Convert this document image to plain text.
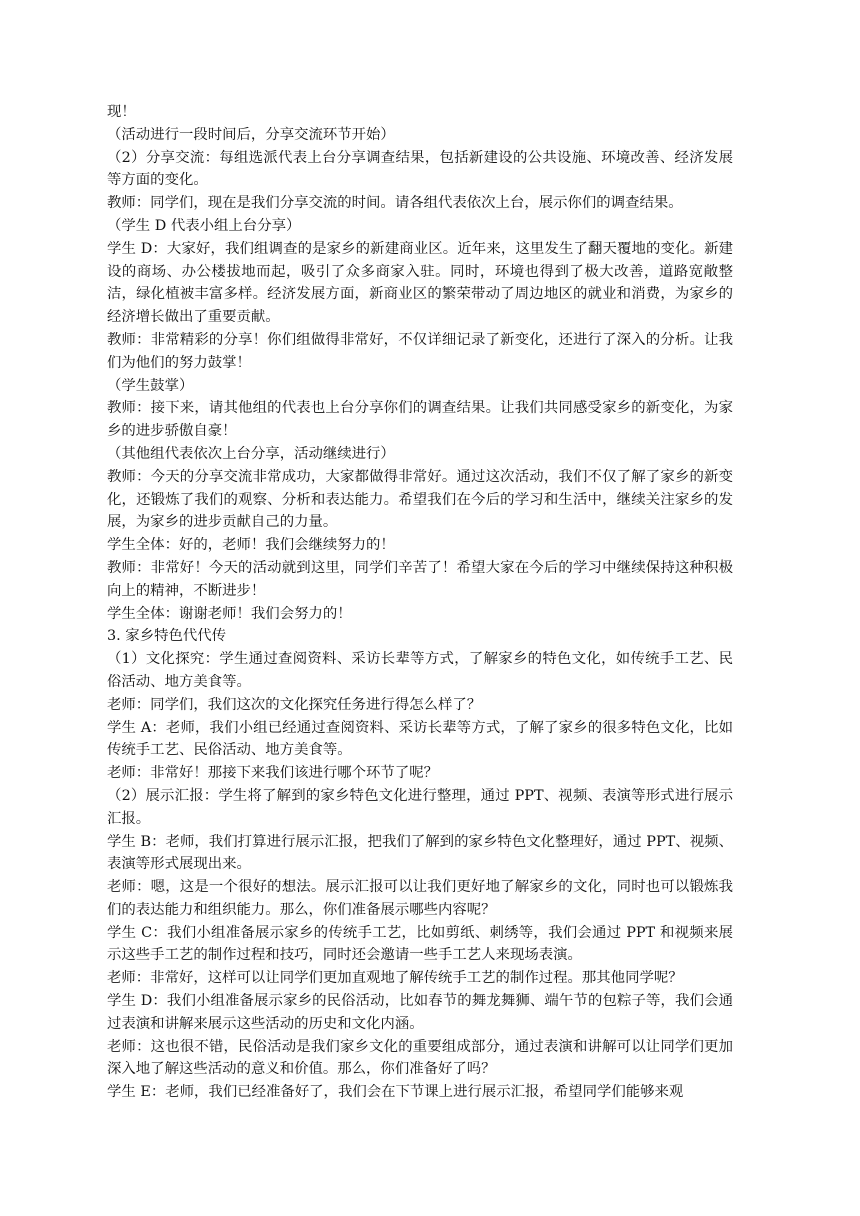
现！

（活动进行一段时间后，分享交流环节开始）

（2）分享交流：每组选派代表上台分享调查结果，包括新建设的公共设施、环境改善、经济发展等方面的变化。

教师：同学们，现在是我们分享交流的时间。请各组代表依次上台，展示你们的调查结果。

（学生 D 代表小组上台分享）

学生 D：大家好，我们组调查的是家乡的新建商业区。近年来，这里发生了翻天覆地的变化。新建设的商场、办公楼拔地而起，吸引了众多商家入驻。同时，环境也得到了极大改善，道路宽敞整洁，绿化植被丰富多样。经济发展方面，新商业区的繁荣带动了周边地区的就业和消费，为家乡的经济增长做出了重要贡献。

教师：非常精彩的分享！你们组做得非常好，不仅详细记录了新变化，还进行了深入的分析。让我们为他们的努力鼓掌！

（学生鼓掌）

教师：接下来，请其他组的代表也上台分享你们的调查结果。让我们共同感受家乡的新变化，为家乡的进步骄傲自豪！

（其他组代表依次上台分享，活动继续进行）

教师：今天的分享交流非常成功，大家都做得非常好。通过这次活动，我们不仅了解了家乡的新变化，还锻炼了我们的观察、分析和表达能力。希望我们在今后的学习和生活中，继续关注家乡的发展，为家乡的进步贡献自己的力量。

学生全体：好的，老师！我们会继续努力的！

教师：非常好！今天的活动就到这里，同学们辛苦了！希望大家在今后的学习中继续保持这种积极向上的精神，不断进步！

学生全体：谢谢老师！我们会努力的！

3. 家乡特色代代传

（1）文化探究：学生通过查阅资料、采访长辈等方式，了解家乡的特色文化，如传统手工艺、民俗活动、地方美食等。

老师：同学们，我们这次的文化探究任务进行得怎么样了？

学生 A：老师，我们小组已经通过查阅资料、采访长辈等方式，了解了家乡的很多特色文化，比如传统手工艺、民俗活动、地方美食等。

老师：非常好！那接下来我们该进行哪个环节了呢？

（2）展示汇报：学生将了解到的家乡特色文化进行整理，通过 PPT、视频、表演等形式进行展示汇报。

学生 B：老师，我们打算进行展示汇报，把我们了解到的家乡特色文化整理好，通过 PPT、视频、表演等形式展现出来。

老师：嗯，这是一个很好的想法。展示汇报可以让我们更好地了解家乡的文化，同时也可以锻炼我们的表达能力和组织能力。那么，你们准备展示哪些内容呢？

学生 C：我们小组准备展示家乡的传统手工艺，比如剪纸、刺绣等，我们会通过 PPT 和视频来展示这些手工艺的制作过程和技巧，同时还会邀请一些手工艺人来现场表演。

老师：非常好，这样可以让同学们更加直观地了解传统手工艺的制作过程。那其他同学呢？

学生 D：我们小组准备展示家乡的民俗活动，比如春节的舞龙舞狮、端午节的包粽子等，我们会通过表演和讲解来展示这些活动的历史和文化内涵。

老师：这也很不错，民俗活动是我们家乡文化的重要组成部分，通过表演和讲解可以让同学们更加深入地了解这些活动的意义和价值。那么，你们准备好了吗？

学生 E：老师，我们已经准备好了，我们会在下节课上进行展示汇报，希望同学们能够来观
